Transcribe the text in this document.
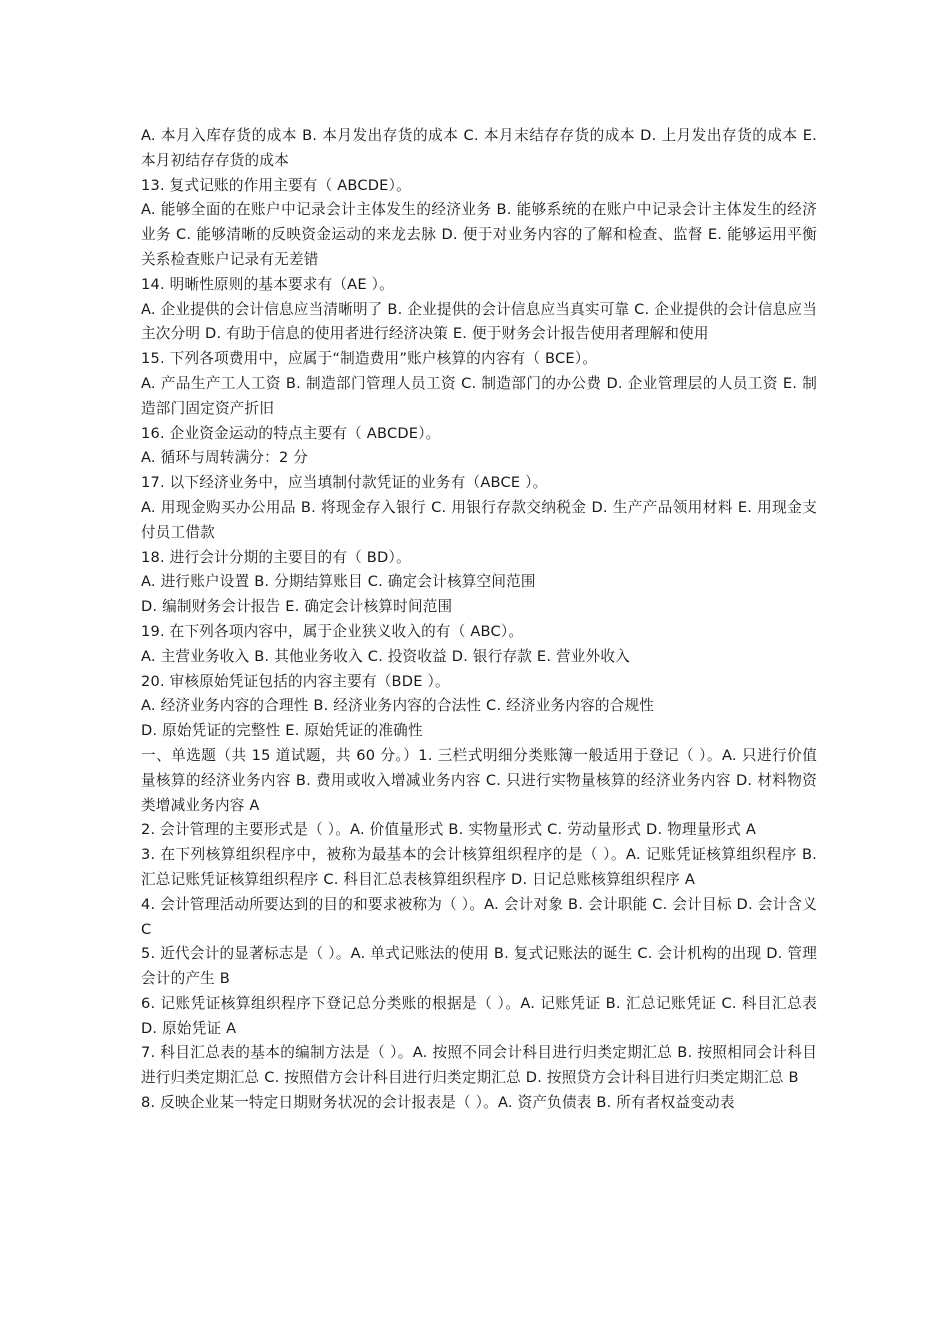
A. 本月入库存货的成本 B. 本月发出存货的成本 C. 本月末结存存货的成本 D. 上月发出存货的成本 E. 本月初结存存货的成本

13. 复式记账的作用主要有（ ABCDE）。

A. 能够全面的在账户中记录会计主体发生的经济业务 B. 能够系统的在账户中记录会计主体发生的经济业务 C. 能够清晰的反映资金运动的来龙去脉 D. 便于对业务内容的了解和检查、监督 E. 能够运用平衡关系检查账户记录有无差错

14. 明晰性原则的基本要求有（AE ）。

A. 企业提供的会计信息应当清晰明了 B. 企业提供的会计信息应当真实可靠 C. 企业提供的会计信息应当主次分明 D. 有助于信息的使用者进行经济决策 E. 便于财务会计报告使用者理解和使用

15. 下列各项费用中，应属于“制造费用”账户核算的内容有（ BCE）。

A. 产品生产工人工资 B. 制造部门管理人员工资 C. 制造部门的办公费 D. 企业管理层的人员工资 E. 制造部门固定资产折旧

16. 企业资金运动的特点主要有（ ABCDE）。

A. 循环与周转满分：2 分

17. 以下经济业务中，应当填制付款凭证的业务有（ABCE ）。

A. 用现金购买办公用品 B. 将现金存入银行 C. 用银行存款交纳税金 D. 生产产品领用材料 E. 用现金支付员工借款

18. 进行会计分期的主要目的有（ BD）。

A. 进行账户设置 B. 分期结算账目 C. 确定会计核算空间范围

D. 编制财务会计报告 E. 确定会计核算时间范围

19. 在下列各项内容中，属于企业狭义收入的有（ ABC）。

A. 主营业务收入 B. 其他业务收入 C. 投资收益 D. 银行存款 E. 营业外收入

20. 审核原始凭证包括的内容主要有（BDE ）。

A. 经济业务内容的合理性 B. 经济业务内容的合法性 C. 经济业务内容的合规性

D. 原始凭证的完整性 E. 原始凭证的准确性

一、单选题（共 15 道试题，共 60 分。）1. 三栏式明细分类账簿一般适用于登记（ ）。A. 只进行价值量核算的经济业务内容 B. 费用或收入增减业务内容 C. 只进行实物量核算的经济业务内容 D. 材料物资类增减业务内容 A

2. 会计管理的主要形式是（ ）。A. 价值量形式 B. 实物量形式 C. 劳动量形式 D. 物理量形式 A

3. 在下列核算组织程序中，被称为最基本的会计核算组织程序的是（ ）。A. 记账凭证核算组织程序 B. 汇总记账凭证核算组织程序 C. 科目汇总表核算组织程序 D. 日记总账核算组织程序 A

4. 会计管理活动所要达到的目的和要求被称为（ ）。A. 会计对象 B. 会计职能 C. 会计目标 D. 会计含义 C

5. 近代会计的显著标志是（ ）。A. 单式记账法的使用 B. 复式记账法的诞生 C. 会计机构的出现 D. 管理会计的产生 B

6. 记账凭证核算组织程序下登记总分类账的根据是（ ）。A. 记账凭证 B. 汇总记账凭证 C. 科目汇总表 D. 原始凭证 A

7. 科目汇总表的基本的编制方法是（ ）。A. 按照不同会计科目进行归类定期汇总 B. 按照相同会计科目进行归类定期汇总 C. 按照借方会计科目进行归类定期汇总 D. 按照贷方会计科目进行归类定期汇总 B

8. 反映企业某一特定日期财务状况的会计报表是（ ）。A. 资产负债表 B. 所有者权益变动表
